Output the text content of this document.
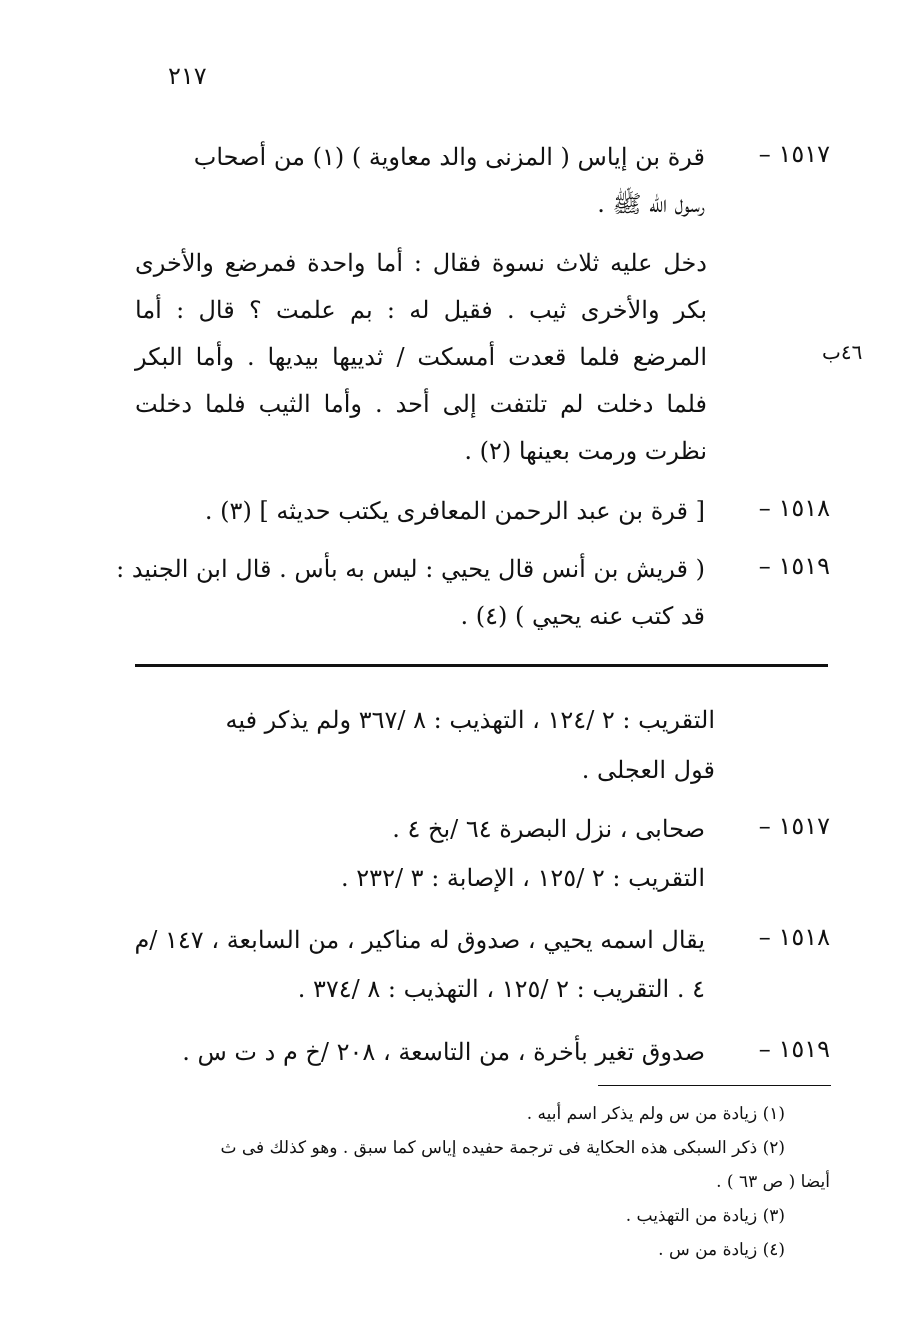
٢١٧
٤٦ب
١٥١٧ –
قرة بن إياس ( المزنى والد معاوية ) (١) من أصحاب
رسول الله ﷺ .
دخل عليه ثلاث نسوة فقال : أما واحدة فمرضع والأخرى بكر والأخرى ثيب . فقيل له : بم علمت ؟ قال : أما المرضع فلما قعدت أمسكت / ثدييها بيديها . وأما البكر فلما دخلت لم تلتفت إلى أحد . وأما الثيب فلما دخلت نظرت ورمت بعينها (٢) .
١٥١٨ –
[ قرة بن عبد الرحمن المعافرى يكتب حديثه ] (٣) .
١٥١٩ –
( قريش بن أنس قال يحيي : ليس به بأس . قال ابن الجنيد :
قد كتب عنه يحيي ) (٤) .
التقريب : ٢ /١٢٤ ، التهذيب : ٨ /٣٦٧ ولم يذكر فيه
قول العجلى .
١٥١٧ –
صحابى ، نزل البصرة ٦٤ /بخ ٤ .
التقريب : ٢ /١٢٥ ، الإصابة : ٣ /٢٣٢ .
١٥١٨ –
يقال اسمه يحيي ، صدوق له مناكير ، من السابعة ، ١٤٧ /م
٤ . التقريب : ٢ /١٢٥ ، التهذيب : ٨ /٣٧٤ .
١٥١٩ –
صدوق تغير بأخرة ، من التاسعة ، ٢٠٨ /خ م د ت س .
(١) زيادة من س ولم يذكر اسم أبيه .
(٢) ذكر السبكى هذه الحكاية فى ترجمة حفيده إياس كما سبق . وهو كذلك فى ث
أيضا ( ص ٦٣ ) .
(٣) زيادة من التهذيب .
(٤) زيادة من س .
